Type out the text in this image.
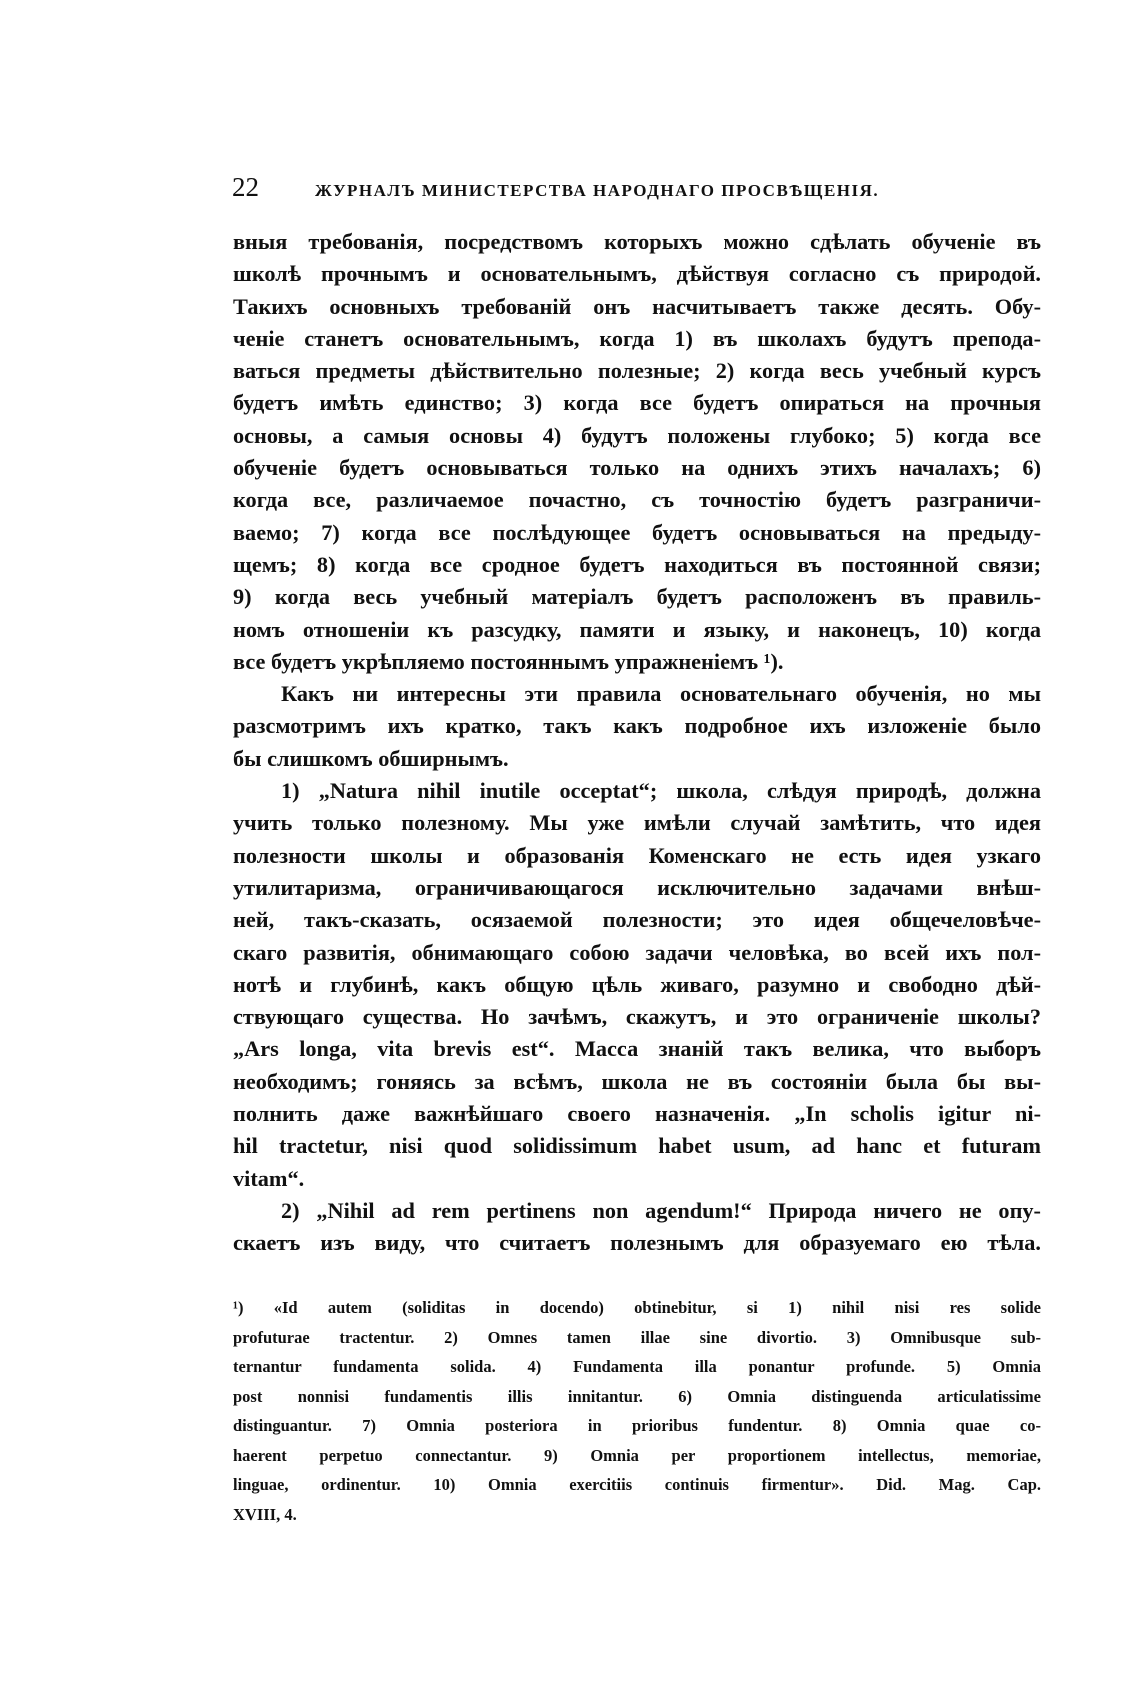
22	ЖУРНАЛЪ МИНИСТЕРСТВА НАРОДНАГО ПРОСВѢЩЕНІЯ.
вныя требованія, посредствомъ которыхъ можно сдѣлать обученіе въ
школѣ прочнымъ и основательнымъ, дѣйствуя согласно съ природой.
Такихъ основныхъ требованій онъ насчитываетъ также десять. Обу-
ченіе станетъ основательнымъ, когда 1) въ школахъ будутъ препода-
ваться предметы дѣйствительно полезные; 2) когда весь учебный курсъ
будетъ имѣть единство; 3) когда все будетъ опираться на прочныя
основы, а самыя основы 4) будутъ положены глубоко; 5) когда все
обученіе будетъ основываться только на однихъ этихъ началахъ; 6)
когда все, различаемое почастно, съ точностію будетъ разграничи-
ваемо; 7) когда все послѣдующее будетъ основываться на предыду-
щемъ; 8) когда все сродное будетъ находиться въ постоянной связи;
9) когда весь учебный матеріалъ будетъ расположенъ въ правиль-
номъ отношеніи къ разсудку, памяти и языку, и наконецъ, 10) когда
все будетъ укрѣпляемо постояннымъ упражненіемъ ¹).
Какъ ни интересны эти правила основательнаго обученія, но мы
разсмотримъ ихъ кратко, такъ какъ подробное ихъ изложеніе было
бы слишкомъ обширнымъ.
1) „Natura nihil inutile occeptat“; школа, слѣдуя природѣ, должна
учить только полезному. Мы уже имѣли случай замѣтить, что идея
полезности школы и образованія Коменскаго не есть идея узкаго
утилитаризма, ограничивающагося исключительно задачами внѣш-
ней, такъ-сказать, осязаемой полезности; это идея общечеловѣче-
скаго развитія, обнимающаго собою задачи человѣка, во всей ихъ пол-
нотѣ и глубинѣ, какъ общую цѣль живаго, разумно и свободно дѣй-
ствующаго существа. Но зачѣмъ, скажутъ, и это ограниченіе школы?
„Ars longa, vita brevis est“. Масса знаній такъ велика, что выборъ
необходимъ; гоняясь за всѣмъ, школа не въ состояніи была бы вы-
полнить даже важнѣйшаго своего назначенія. „In scholis igitur ni-
hil tractetur, nisi quod solidissimum habet usum, ad hanc et futuram
vitam“.
2) „Nihil ad rem pertinens non agendum!“ Природа ничего не опу-
скаетъ изъ виду, что считаетъ полезнымъ для образуемаго ею тѣла.
¹) «Id autem (soliditas in docendo) obtinebitur, si 1) nihil nisi res solide
profuturae tractentur. 2) Omnes tamen illae sine divortio. 3) Omnibusque sub-
ternantur fundamenta solida. 4) Fundamenta illa ponantur profunde. 5) Omnia
post nonnisi fundamentis illis innitantur. 6) Omnia distinguenda articulatissime
distinguantur. 7) Omnia posteriora in prioribus fundentur. 8) Omnia quae co-
haerent perpetuo connectantur. 9) Omnia per proportionem intellectus, memoriae,
linguae, ordinentur. 10) Omnia exercitiis continuis firmentur». Did. Mag. Cap.
XVIII, 4.
